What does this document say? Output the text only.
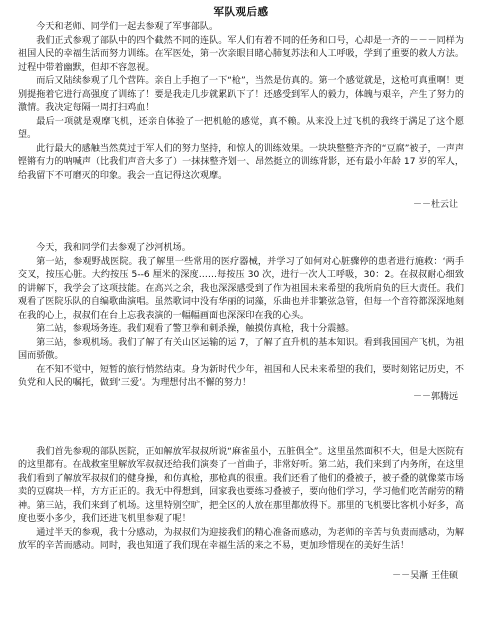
军队观后感

今天和老师、同学们一起去参观了军事部队。

我们正式参观了部队中的四个截然不同的连队。军人们有着不同的任务和口号，心却是一齐的－－－同样为祖国人民的幸福生活而努力训练。在军医处，第一次亲眼目睹心肺复苏法和人工呼吸，学到了重要的救人方法。过程中带着幽默，但却不容忽视。

而后又陆续参观了几个营阵。亲自上手抱了一下“枪”，当然是仿真的。第一个感觉就是，这枪可真重啊！更别提拖着它进行高强度了训练了！要是我走几步就累趴下了！还感受到军人的毅力，体魄与艰辛，产生了努力的激情。我决定每隔一周打扫鸡血！

最后一项就是观摩飞机，还亲自体验了一把机舱的感觉，真不赖。从来没上过飞机的我终于满足了这个愿望。

此行最大的感触当然莫过于军人们的努力坚持，和惊人的训练效果。一块块整整齐齐的“豆腐”被子，一声声铿锵有力的呐喊声（比我们声音大多了）一抹抹整齐划一、昂然挺立的训练背影，还有最小年龄 17 岁的军人，给我留下不可磨灭的印象。我会一直记得这次观摩。

－－杜云让

今天，我和同学们去参观了沙河机场。

第一站，参观野战医院。我了解里一些常用的医疗器械，并学习了如何对心脏骤停的患者进行施救：‘两手交叉，按压心脏。大约按压 5--6 厘米的深度……每按压 30 次，进行一次人工呼吸，30：2。在叔叔耐心细致的讲解下，我学会了这项技能。在高兴之余，我也深深感受到了作为祖国未来希望的我所肩负的巨大责任。我们观看了医院乐队的自编歌曲演唱。虽然歌词中没有华丽的词藻，乐曲也并非繁弦急管，但每一个音符都深深地刻在我的心上，叔叔们在台上忘我表演的一幅幅画面也深深印在我的心头。

第二站，参观场务连。我们观看了警卫拳和刺杀操，触摸仿真枪，我十分震撼。

第三站，参观机场。我们了解了有关山区运输的运 7，了解了直升机的基本知识。看到我国国产飞机，为祖国而骄傲。

在不知不觉中，短暂的旅行悄然结束。身为新时代少年，祖国和人民未来希望的我们，要时刻铭记历史，不负党和人民的嘱托，做到‘三爱’。为理想付出不懈的努力！

－－郭腾远

我们首先参观的部队医院，正如解放军叔叔所说“麻雀虽小，五脏俱全”。这里虽然面积不大，但是大医院有的这里都有。在战救室里解放军叔叔还给我们演奏了一首曲子，非常好听。第二站，我们来到了内务所，在这里我们看到了解放军叔叔们的健身操，和仿真枪，那枪真的很重。我们还看了他们的叠被子，被子叠的就像菜市场卖的豆腐块一样，方方正正的。我无中得想到，回家我也要练习叠被子，要向他们学习，学习他们吃苦耐劳的精神。第三站，我们来到了机场。这里特别空旷，把全区的人放在那里都放得下。那里的飞机要比客机小好多，高度也要小多少，我们还进飞机里参观了呢！

通过半天的参观，我十分感动，为叔叔们为迎接我们的精心准备而感动，为老师的辛苦与负责而感动，为解放军的辛苦而感动。同时，我也知道了我们现在幸福生活的来之不易，更加珍惜现在的美好生活！

－－吴漸 王佳硕
